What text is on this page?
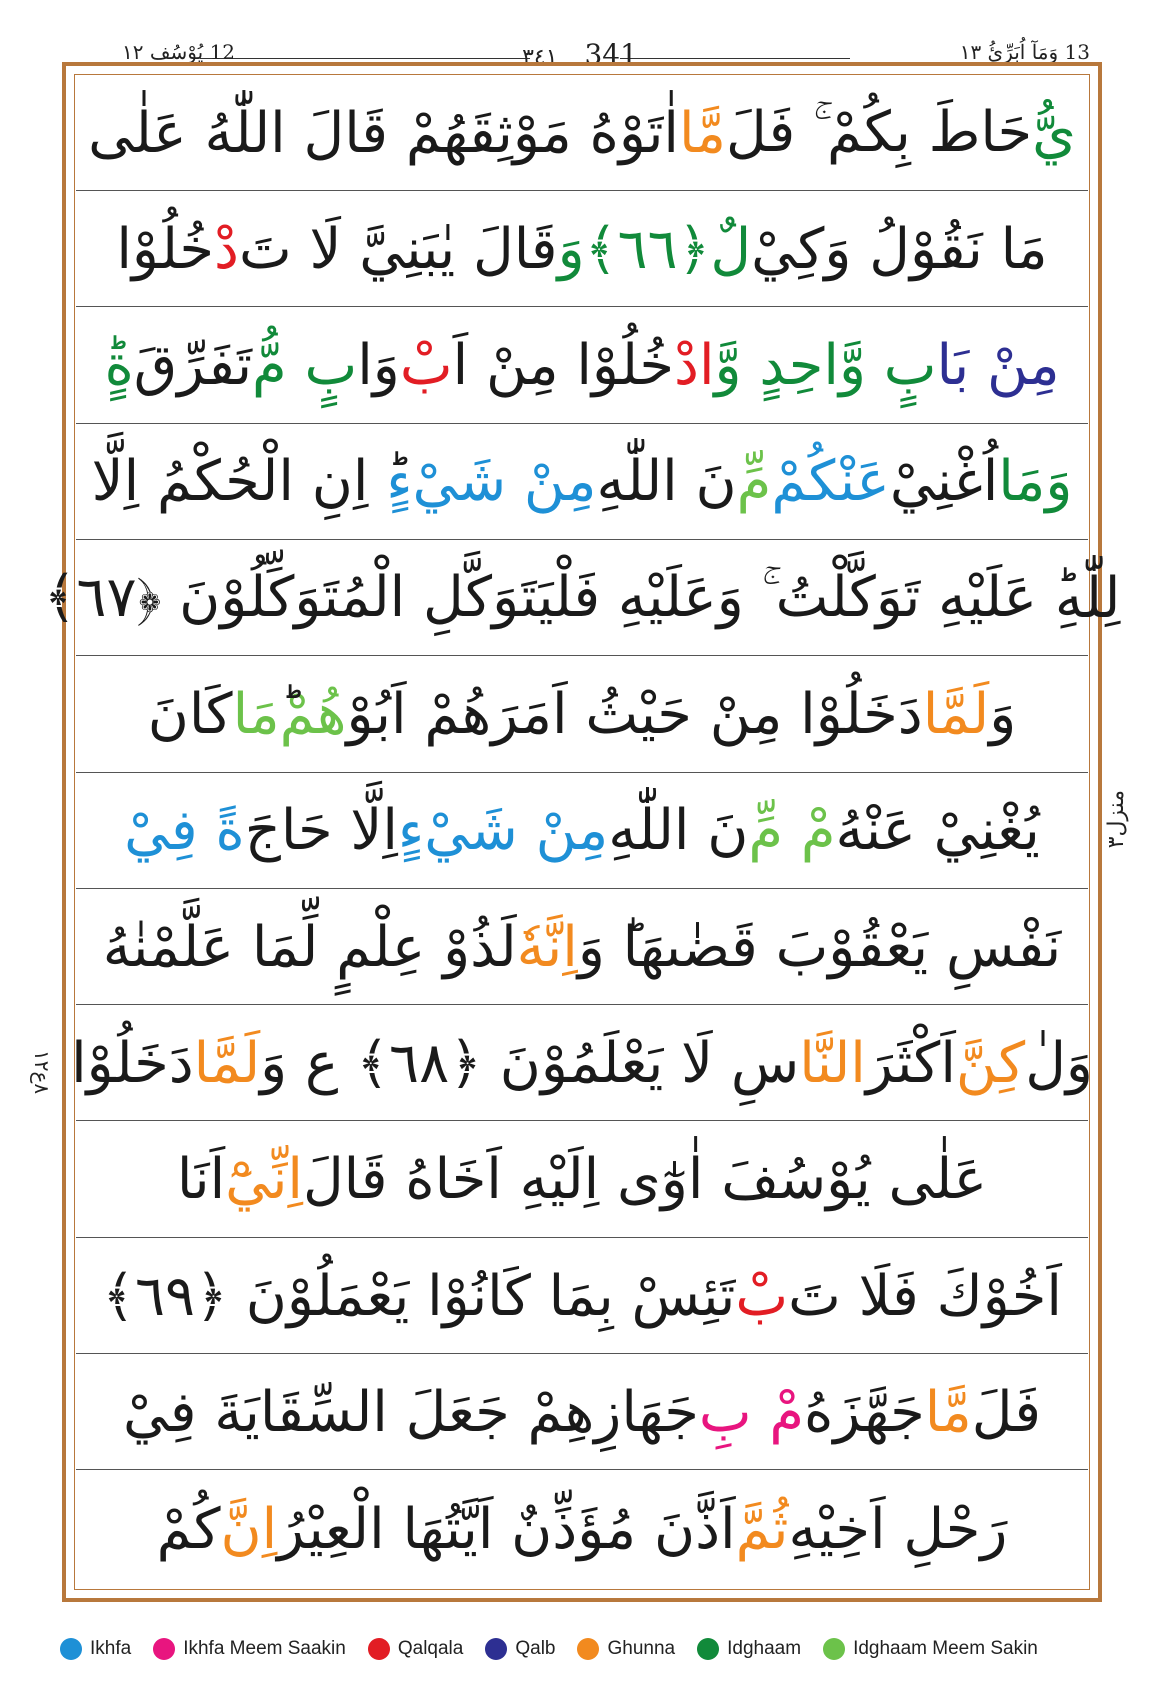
12 يُوْسُف ١٢	٣٤١ 341	13 وَمَآ اُبَرِّئُ ١٣
يُّ
حَاطَ بِكُمْ ۚ فَلَ
مَّا
اٰتَوْهُ مَوْثِقَهُمْ قَالَ اللّٰهُ عَلٰى
مَا نَقُوْلُ وَكِيْ
لٌ
﴿٦٦﴾
وَ
قَالَ يٰبَنِيَّ لَا تَ
دْ
خُلُوْا
مِنْ بَا
بٍ وَّ
احِدٍ وَّ
ادْ
خُلُوْا مِنْ اَ
بْ
وَا
بٍ مُّ
تَفَرِّقَ
ةٍ
وَمَا
اُغْنِيْ
عَنْكُمْ
مِّ
نَ اللّٰهِ
مِنْ شَيْءٍ
ؕ اِنِ الْحُكْمُ اِلَّا
لِلّٰهِ
ؕ عَلَيْهِ تَوَكَّلْتُ ۚ وَعَلَيْهِ فَلْيَتَوَكَّلِ الْمُتَوَكِّلُوْنَ ﴿٦٧﴾
وَ
لَمَّا
دَخَلُوْا مِنْ حَيْثُ اَمَرَهُمْ اَبُوْ
هُمْ
مَا
كَانَ
يُغْنِيْ عَنْهُ
مْ مِّ
نَ اللّٰهِ
مِنْ شَيْءٍ
اِلَّا حَاجَ
ةً فِيْ
نَفْسِ يَعْقُوْبَ قَضٰىهَا
ؕ وَ
اِنَّهٗ
لَذُوْ عِلْمٍ لِّمَا عَلَّمْنٰهُ
وَلٰ
كِنَّ
اَكْثَرَ
النَّا
سِ لَا يَعْلَمُوْنَ ﴿٦٨﴾ ع وَ
لَمَّا
دَخَلُوْا
عَلٰى يُوْسُفَ اٰوٰٓى اِلَيْهِ اَخَاهُ قَالَ
اِنِّيْٓ
اَنَا
اَخُوْكَ فَلَا تَ
بْ
تَئِسْ بِمَا كَانُوْا يَعْمَلُوْنَ ﴿٦٩﴾
فَلَ
مَّا
جَهَّزَهُ
مْ بِ
جَهَازِهِمْ جَعَلَ السِّقَايَةَ فِيْ
رَحْلِ اَخِيْهِ
ثُمَّ
اَذَّنَ مُؤَذِّنٌ اَيَّتُهَا الْعِيْرُ
اِنَّ
كُمْ
منزل٣
٨ع١٢
Ikhfa	Ikhfa Meem Saakin	Qalqala	Qalb	Ghunna	Idghaam	Idghaam Meem Sakin
